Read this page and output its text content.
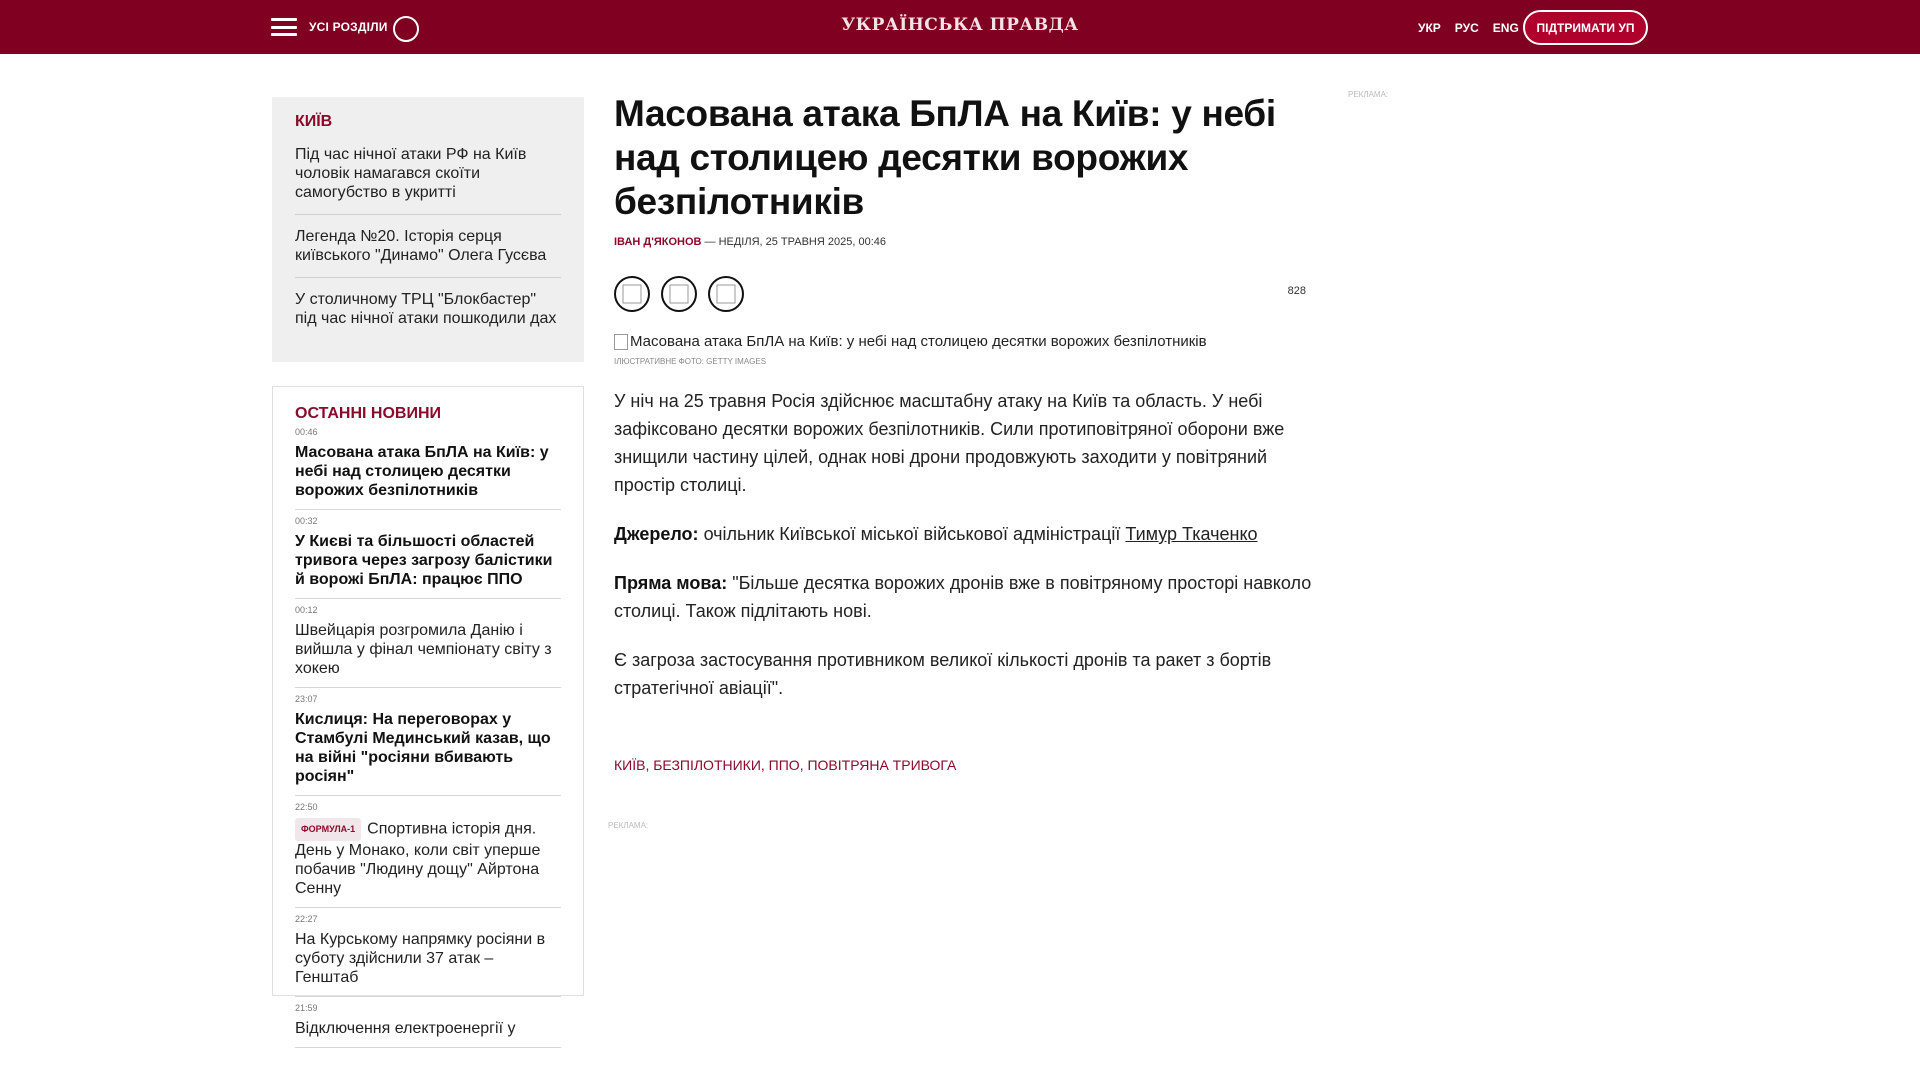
УСІ РОЗДІЛИ	УКРАЇНСЬКА ПРАВДА	УКР РУС ENG	ПІДТРИМАТИ УП
КИЇВ
Під час нічної атаки РФ на Київ чоловік намагався скоїти самогубство в укритті
Легенда №20. Історія серця київського "Динамо" Олега Гусєва
У столичному ТРЦ "Блокбастер" під час нічної атаки пошкодили дах
ОСТАННІ НОВИНИ
00:46
Масована атака БпЛА на Київ: у небі над столицею десятки ворожих безпілотників
00:32
У Києві та більшості областей тривога через загрозу балістики й ворожі БпЛА: працює ППО
00:12
Швейцарія розгромила Данію і вийшла у фінал чемпіонату світу з хокею
23:07
Кислиця: На переговорах у Стамбулі Мединський казав, що на війні "росіяни вбивають росіян"
22:50
ФОРМУЛА-1 Спортивна історія дня. День у Монако, коли світ уперше побачив "Людину дощу" Айртона Сенну
22:27
На Курському напрямку росіяни в суботу здійснили 37 атак – Генштаб
21:59
Відключення електроенергії у
Масована атака БпЛА на Київ: у небі над столицею десятки ворожих безпілотників
ІВАН Д'ЯКОНОВ — НЕДІЛЯ, 25 ТРАВНЯ 2025, 00:46
828
Масована атака БпЛА на Київ: у небі над столицею десятки ворожих безпілотників
ІЛЮСТРАТИВНЕ ФОТО: GETTY IMAGES

У ніч на 25 травня Росія здійснює масштабну атаку на Київ та область. У небі зафіксовано десятки ворожих безпілотників. Сили протиповітряної оборони вже знищили частину цілей, однак нові дрони продовжують заходити у повітряний простір столиці.

Джерело: очільник Київської міської військової адміністрації Тимур Ткаченко

Пряма мова: "Більше десятка ворожих дронів вже в повітряному просторі навколо столиці. Також підлітають нові.

Є загроза застосування противником великої кількості дронів та ракет з бортів стратегічної авіації".

КИЇВ, БЕЗПІЛОТНИКИ, ППО, ПОВІТРЯНА ТРИВОГА
РЕКЛАМА:
РЕКЛАМА:
